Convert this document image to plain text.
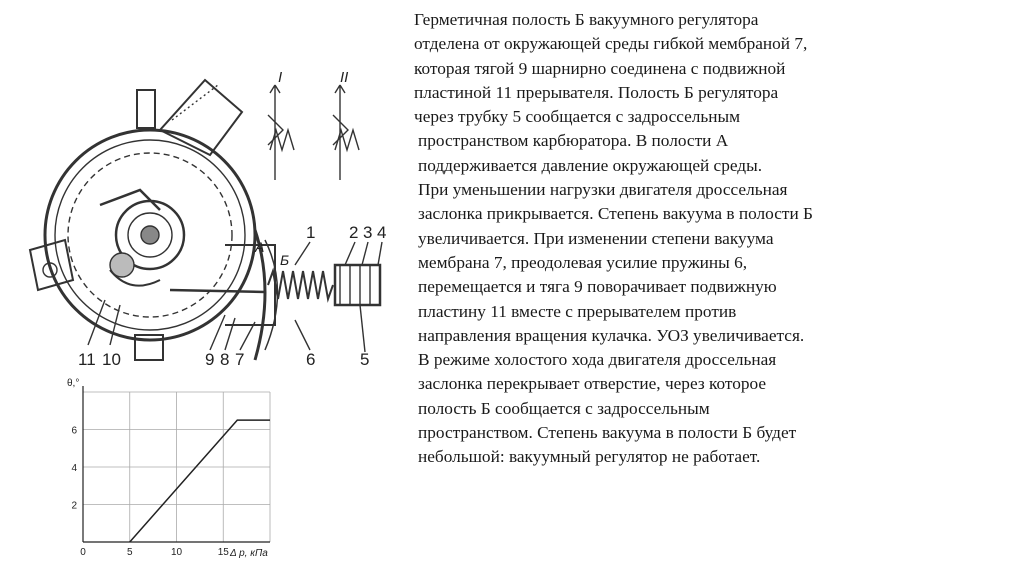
1 2 3 4
5
6
7
8
9
10
11
А
Б
I	II
0	5	10	15
2
4
6
θ,°
Δ p, кПа
Герметичная полость Б вакуумного регулятора
отделена от окружающей среды гибкой мембраной 7,
которая тягой 9 шарнирно соединена с подвижной
пластиной 11 прерывателя. Полость Б регулятора
через трубку 5 сообщается с задроссельным
пространством карбюратора. В полости А
поддерживается давление окружающей среды.
При уменьшении нагрузки двигателя дроссельная
заслонка прикрывается. Степень вакуума в полости Б
увеличивается. При изменении степени вакуума
мембрана 7, преодолевая усилие пружины 6,
перемещается и тяга 9 поворачивает подвижную
пластину 11 вместе с прерывателем против
направления вращения кулачка. УОЗ увеличивается.
В режиме холостого хода двигателя дроссельная
заслонка перекрывает отверстие, через которое
полость Б сообщается с задроссельным
пространством. Степень вакуума в полости Б будет
небольшой: вакуумный регулятор не работает.
